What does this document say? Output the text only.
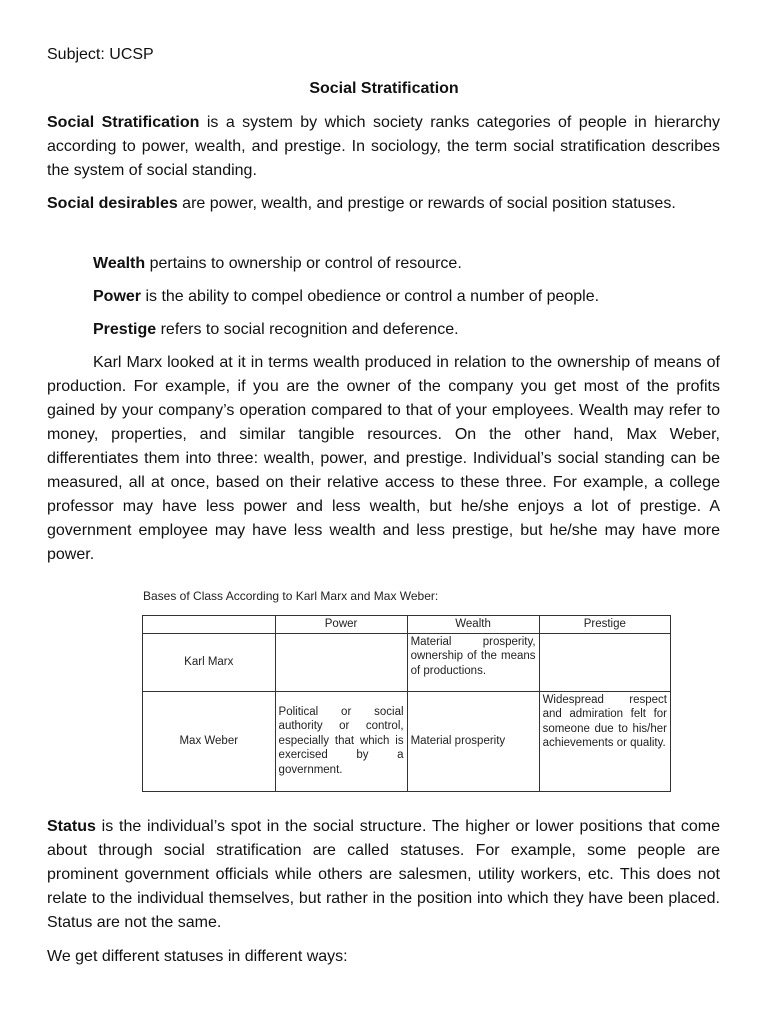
Subject: UCSP
Social Stratification

Social Stratification is a system by which society ranks categories of people in hierarchy according to power, wealth, and prestige. In sociology, the term social stratification describes the system of social standing.

Social desirables are power, wealth, and prestige or rewards of social position statuses.

Wealth pertains to ownership or control of resource.
Power is the ability to compel obedience or control a number of people.
Prestige refers to social recognition and deference.

Karl Marx looked at it in terms wealth produced in relation to the ownership of means of production. For example, if you are the owner of the company you get most of the profits gained by your company’s operation compared to that of your employees. Wealth may refer to money, properties, and similar tangible resources. On the other hand, Max Weber, differentiates them into three: wealth, power, and prestige. Individual’s social standing can be measured, all at once, based on their relative access to these three. For example, a college professor may have less power and less wealth, but he/she enjoys a lot of prestige. A government employee may have less wealth and less prestige, but he/she may have more power.

Bases of Class According to Karl Marx and Max Weber:
	Power	Wealth	Prestige
Karl Marx		Material prosperity, ownership of the means of productions.	
Max Weber	Political or social authority or control, especially that which is exercised by a government.	Material prosperity	Widespread respect and admiration felt for someone due to his/her achievements or quality.

Status is the individual’s spot in the social structure. The higher or lower positions that come about through social stratification are called statuses. For example, some people are prominent government officials while others are salesmen, utility workers, etc. This does not relate to the individual themselves, but rather in the position into which they have been placed. Status are not the same.

We get different statuses in different ways:
